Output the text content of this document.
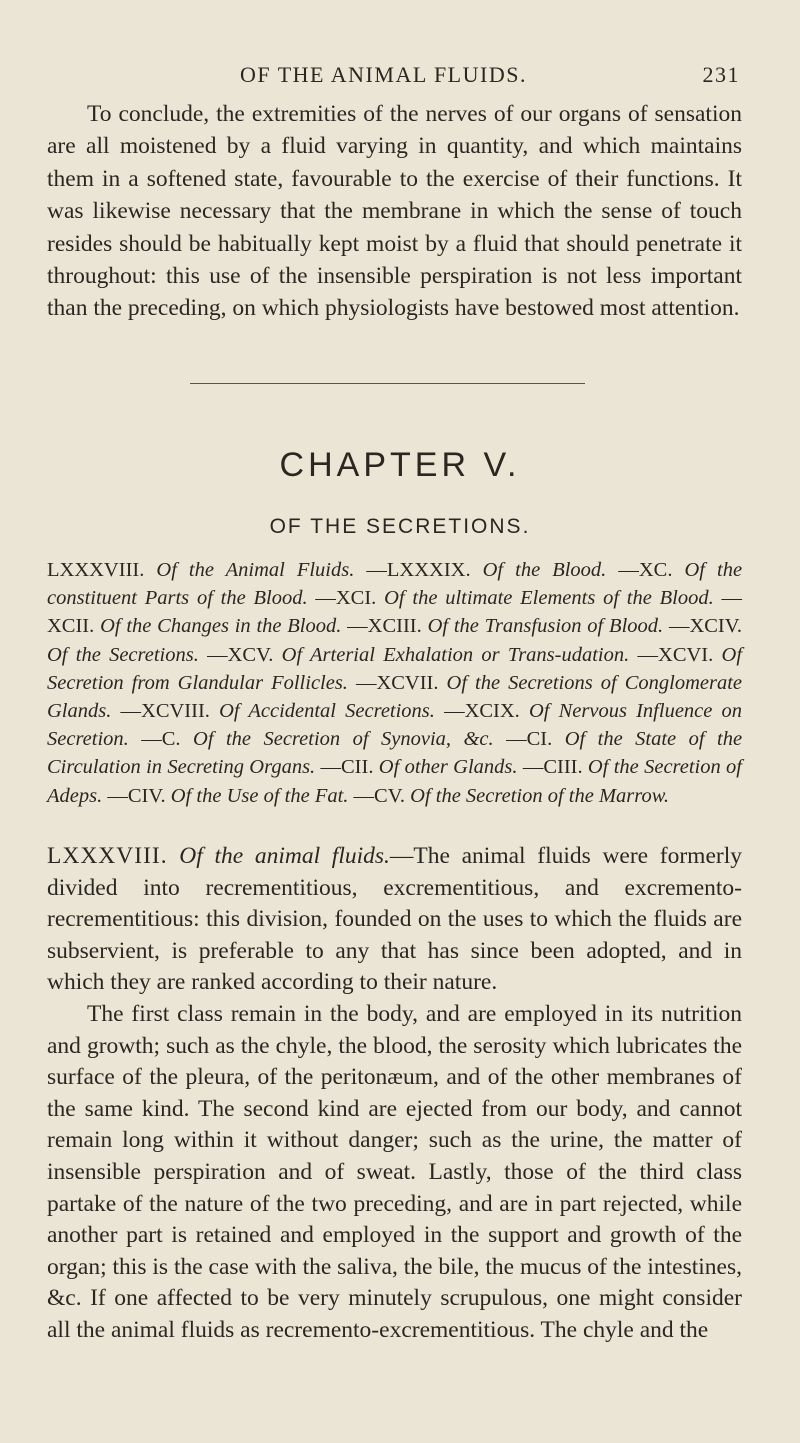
OF THE ANIMAL FLUIDS.	231
To conclude, the extremities of the nerves of our organs of sensation are all moistened by a fluid varying in quantity, and which maintains them in a softened state, favourable to the exercise of their functions. It was likewise necessary that the membrane in which the sense of touch resides should be habitually kept moist by a fluid that should penetrate it throughout: this use of the insensible perspiration is not less important than the preceding, on which physiologists have bestowed most attention.
CHAPTER V.
OF THE SECRETIONS.
LXXXVIII. Of the Animal Fluids. —LXXXIX. Of the Blood. —XC. Of the constituent Parts of the Blood. —XCI. Of the ultimate Elements of the Blood. —XCII. Of the Changes in the Blood. —XCIII. Of the Transfusion of Blood. —XCIV. Of the Secretions. —XCV. Of Arterial Exhalation or Trans-udation. —XCVI. Of Secretion from Glandular Follicles. —XCVII. Of the Secretions of Conglomerate Glands. —XCVIII. Of Accidental Secretions. —XCIX. Of Nervous Influence on Secretion. —C. Of the Secretion of Synovia, &c. —CI. Of the State of the Circulation in Secreting Organs. —CII. Of other Glands. —CIII. Of the Secretion of Adeps. —CIV. Of the Use of the Fat. —CV. Of the Secretion of the Marrow.
LXXXVIII. Of the animal fluids.—The animal fluids were formerly divided into recrementitious, excrementitious, and excremento-recrementitious: this division, founded on the uses to which the fluids are subservient, is preferable to any that has since been adopted, and in which they are ranked according to their nature.
The first class remain in the body, and are employed in its nutrition and growth; such as the chyle, the blood, the serosity which lubricates the surface of the pleura, of the peritonæum, and of the other membranes of the same kind. The second kind are ejected from our body, and cannot remain long within it without danger; such as the urine, the matter of insensible perspiration and of sweat. Lastly, those of the third class partake of the nature of the two preceding, and are in part rejected, while another part is retained and employed in the support and growth of the organ; this is the case with the saliva, the bile, the mucus of the intestines, &c. If one affected to be very minutely scrupulous, one might consider all the animal fluids as recremento-excrementitious. The chyle and the
